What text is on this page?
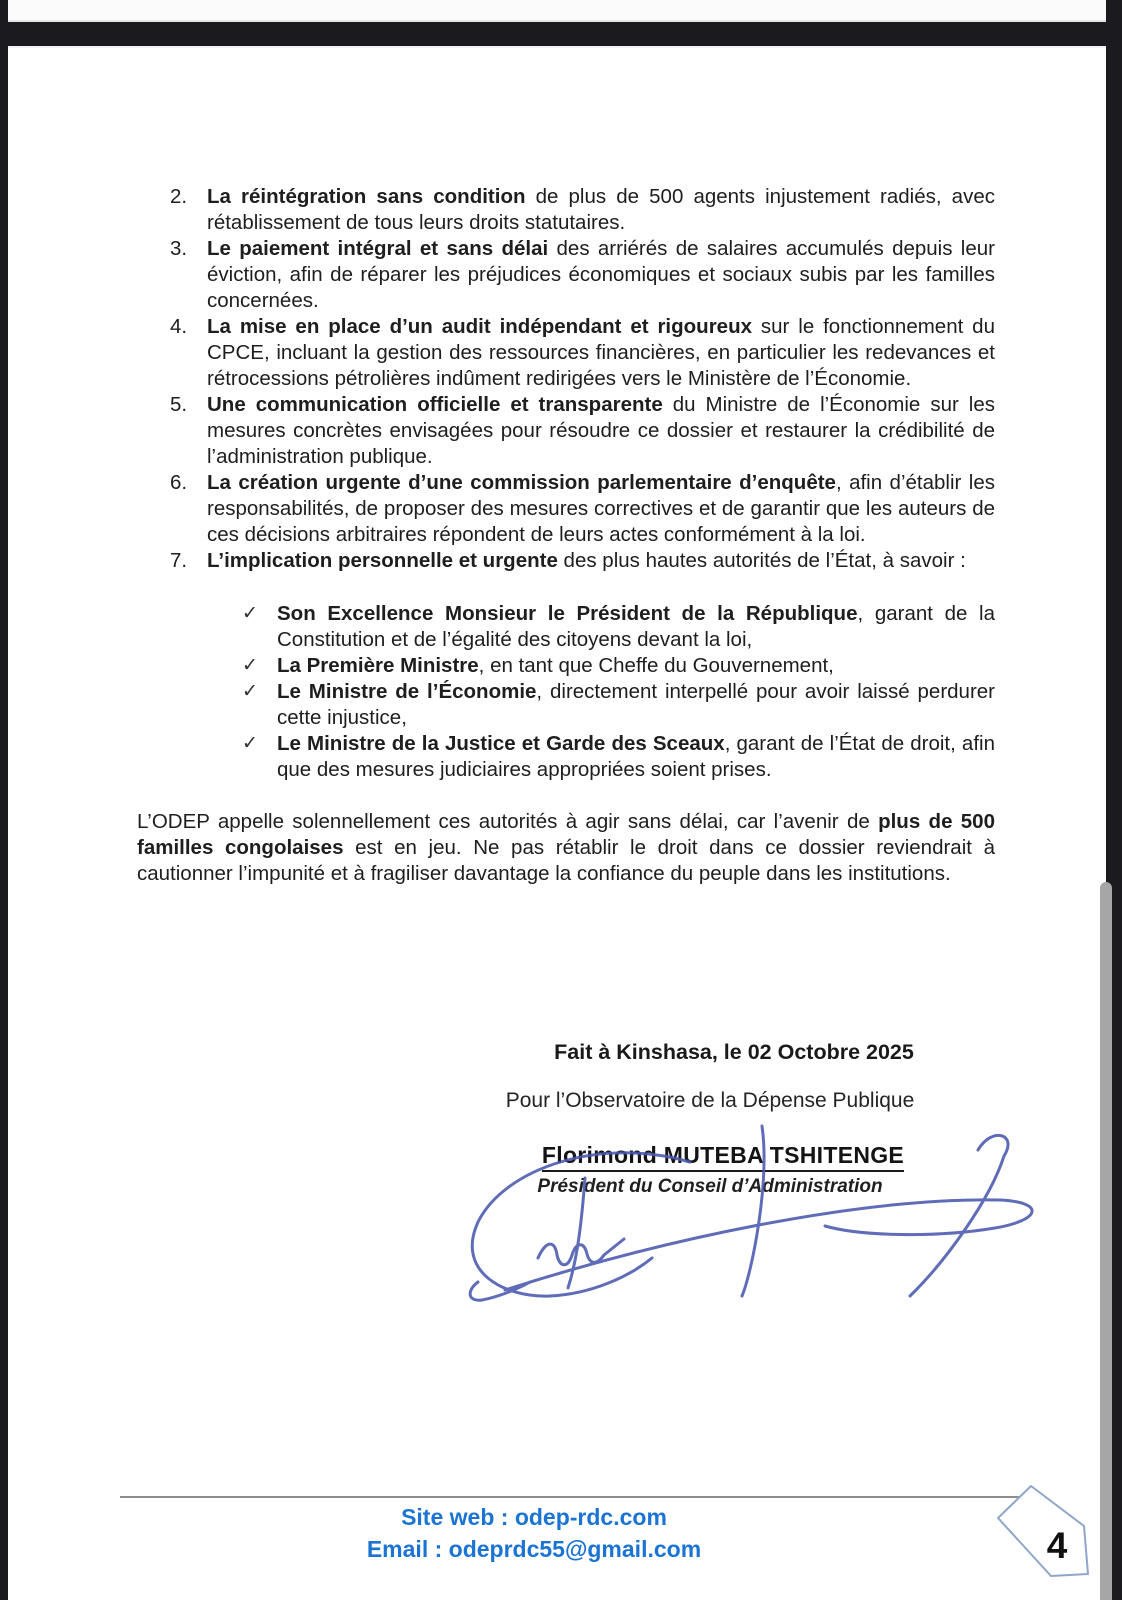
2. La réintégration sans condition de plus de 500 agents injustement radiés, avec rétablissement de tous leurs droits statutaires.
3. Le paiement intégral et sans délai des arriérés de salaires accumulés depuis leur éviction, afin de réparer les préjudices économiques et sociaux subis par les familles concernées.
4. La mise en place d’un audit indépendant et rigoureux sur le fonctionnement du CPCE, incluant la gestion des ressources financières, en particulier les redevances et rétrocessions pétrolières indûment redirigées vers le Ministère de l’Économie.
5. Une communication officielle et transparente du Ministre de l’Économie sur les mesures concrètes envisagées pour résoudre ce dossier et restaurer la crédibilité de l’administration publique.
6. La création urgente d’une commission parlementaire d’enquête, afin d’établir les responsabilités, de proposer des mesures correctives et de garantir que les auteurs de ces décisions arbitraires répondent de leurs actes conformément à la loi.
7. L’implication personnelle et urgente des plus hautes autorités de l’État, à savoir :
✓ Son Excellence Monsieur le Président de la République, garant de la Constitution et de l’égalité des citoyens devant la loi,
✓ La Première Ministre, en tant que Cheffe du Gouvernement,
✓ Le Ministre de l’Économie, directement interpellé pour avoir laissé perdurer cette injustice,
✓ Le Ministre de la Justice et Garde des Sceaux, garant de l’État de droit, afin que des mesures judiciaires appropriées soient prises.
L’ODEP appelle solennellement ces autorités à agir sans délai, car l’avenir de plus de 500 familles congolaises est en jeu. Ne pas rétablir le droit dans ce dossier reviendrait à cautionner l’impunité et à fragiliser davantage la confiance du peuple dans les institutions.
Fait à Kinshasa, le 02 Octobre 2025
Pour l’Observatoire de la Dépense Publique
Florimond MUTEBA TSHITENGE
Président du Conseil d’Administration
Site web : odep-rdc.com
Email : odeprdc55@gmail.com	4
